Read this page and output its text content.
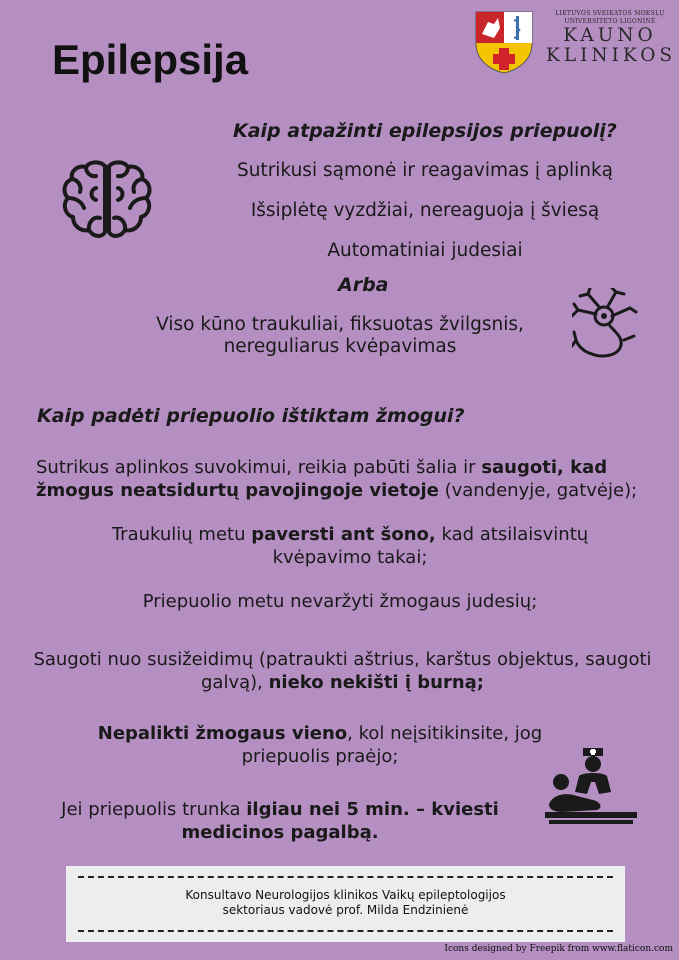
Epilepsija
LIETUVOS SVEIKATOS MOKSLŲ
UNIVERSITETO LIGONINĖ
KAUNO
KLINIKOS
Kaip atpažinti epilepsijos priepuolį?
Sutrikusi sąmonė ir reagavimas į aplinką
Išsiplėtę vyzdžiai, nereaguoja į šviesą
Automatiniai judesiai
Arba
Viso kūno traukuliai, fiksuotas žvilgsnis,
nereguliarus kvėpavimas
Kaip padėti priepuolio ištiktam žmogui?
Sutrikus aplinkos suvokimui, reikia pabūti šalia ir saugoti, kad žmogus neatsidurtų pavojingoje vietoje (vandenyje, gatvėje);
Traukulių metu paversti ant šono, kad atsilaisvintų kvėpavimo takai;
Priepuolio metu nevaržyti žmogaus judesių;
Saugoti nuo susižeidimų (patraukti aštrius, karštus objektus, saugoti galvą), nieko nekišti į burną;
Nepalikti žmogaus vieno, kol neįsitikinsite, jog priepuolis praėjo;
Jei priepuolis trunka ilgiau nei 5 min. – kviesti medicinos pagalbą.
Konsultavo Neurologijos klinikos Vaikų epileptologijos
sektoriaus vadovė prof. Milda Endzinienė
Icons designed by Freepik from www.flaticon.com
